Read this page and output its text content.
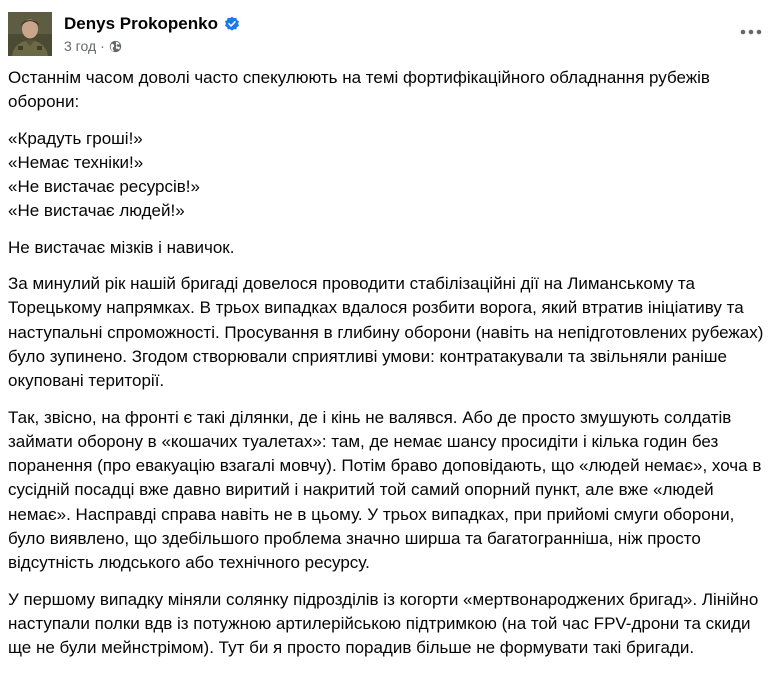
Denys Prokopenko
3 год ·

Останнім часом доволі часто спекулюють на темі фортифікаційного обладнання рубежів оборони:

«Крадуть гроші!»
«Немає техніки!»
«Не вистачає ресурсів!»
«Не вистачає людей!»

Не вистачає мізків і навичок.

За минулий рік нашій бригаді довелося проводити стабілізаційні дії на Лиманському та Торецькому напрямках. В трьох випадках вдалося розбити ворога, який втратив ініціативу та наступальні спроможності. Просування в глибину оборони (навіть на непідготовлених рубежах) було зупинено. Згодом створювали сприятливі умови: контратакували та звільняли раніше окуповані території.

Так, звісно, на фронті є такі ділянки, де і кінь не валявся. Або де просто змушують солдатів займати оборону в «кошачих туалетах»: там, де немає шансу просидіти і кілька годин без поранення (про евакуацію взагалі мовчу). Потім браво доповідають, що «людей немає», хоча в сусідній посадці вже давно виритий і накритий той самий опорний пункт, але вже «людей немає». Насправді справа навіть не в цьому. У трьох випадках, при прийомі смуги оборони, було виявлено, що здебільшого проблема значно ширша та багатогранніша, ніж просто відсутність людського або технічного ресурсу.

У першому випадку міняли солянку підрозділів із когорти «мертвонароджених бригад». Лінійно наступали полки вдв із потужною артилерійською підтримкою (на той час FPV-дрони та скиди ще не були мейнстрімом). Тут би я просто порадив більше не формувати такі бригади.
